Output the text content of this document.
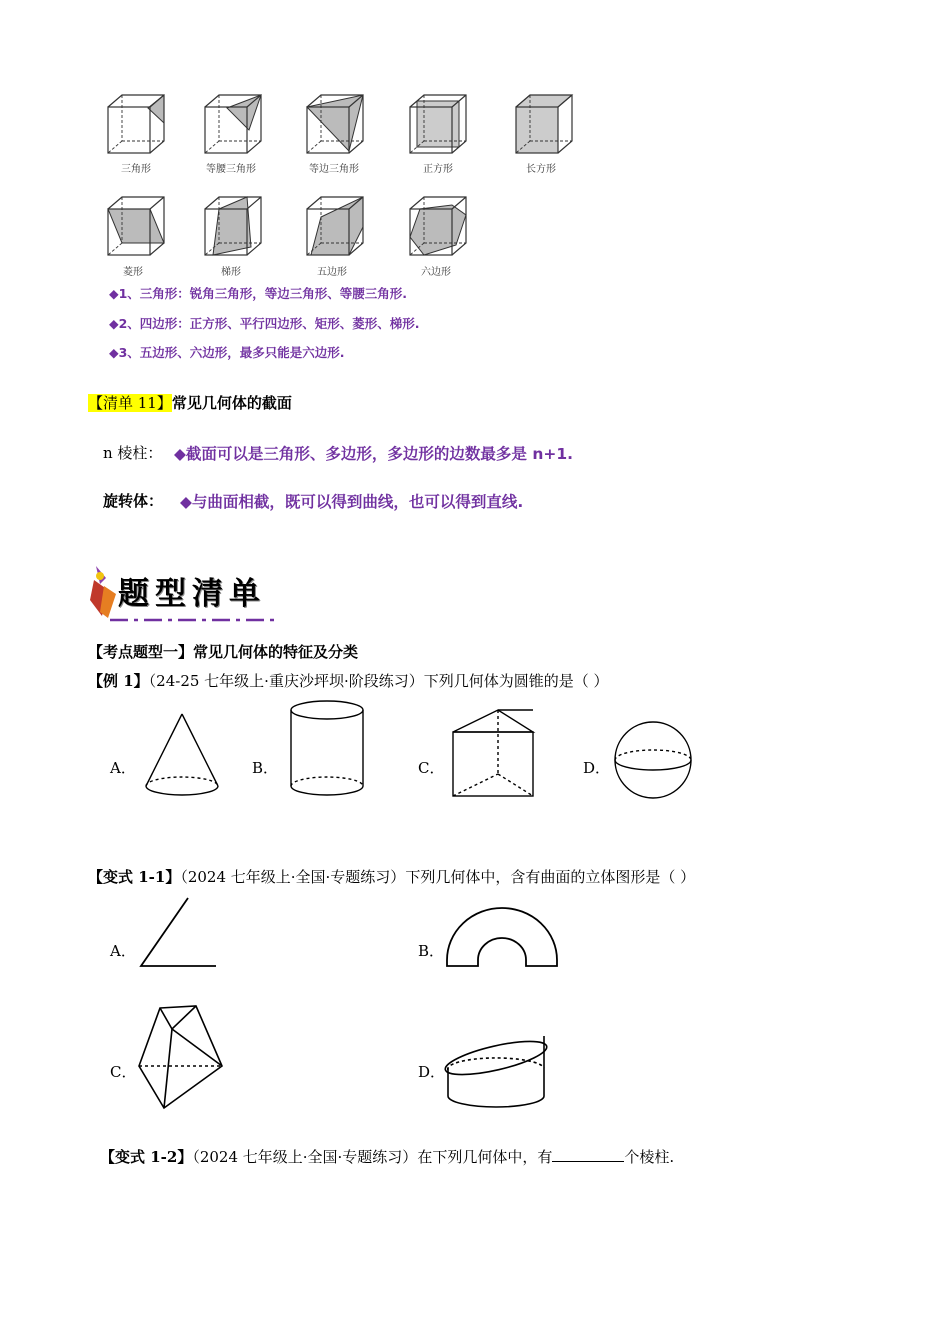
三角形	等腰三角形	等边三角形	正方形	长方形
菱形	梯形	五边形	六边形
◆1、三角形：锐角三角形，等边三角形、等腰三角形.
◆2、四边形：正方形、平行四边形、矩形、菱形、梯形.
◆3、五边形、六边形，最多只能是六边形.
【清单 11】常见几何体的截面
n 棱柱： ◆截面可以是三角形、多边形，多边形的边数最多是 n+1.
旋转体： ◆与曲面相截，既可以得到曲线，也可以得到直线.
题型清单
【考点题型一】常见几何体的特征及分类
【例 1】（24-25 七年级上·重庆沙坪坝·阶段练习）下列几何体为圆锥的是（ ）
A．	B．	C．	D．
【变式 1-1】（2024 七年级上·全国·专题练习）下列几何体中，含有曲面的立体图形是（ ）
A．	B．
C．	D．
【变式 1-2】（2024 七年级上·全国·专题练习）在下列几何体中，有	个棱柱.
